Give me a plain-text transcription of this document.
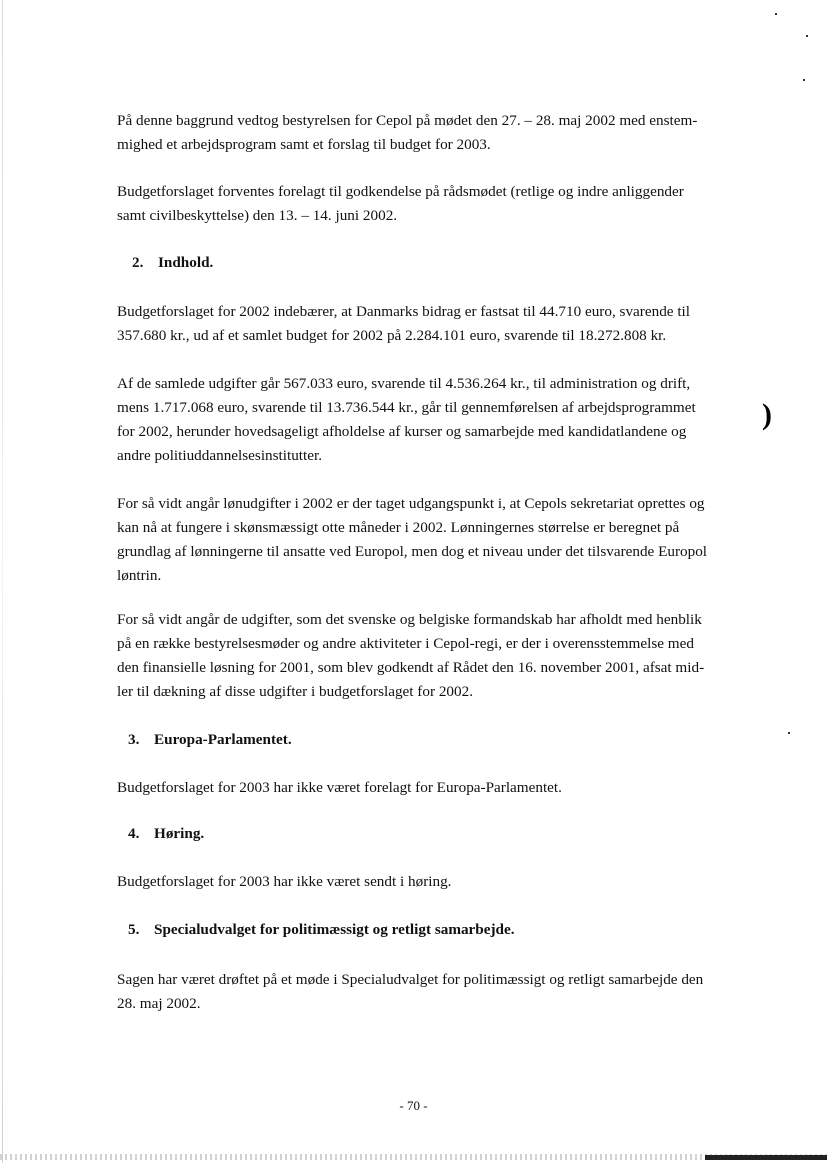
På denne baggrund vedtog bestyrelsen for Cepol på mødet den 27. – 28. maj 2002 med enstem-
mighed et arbejdsprogram samt et forslag til budget for 2003.

Budgetforslaget forventes forelagt til godkendelse på rådsmødet (retlige og indre anliggender
samt civilbeskyttelse) den 13. – 14. juni 2002.

2. Indhold.

Budgetforslaget for 2002 indebærer, at Danmarks bidrag er fastsat til 44.710 euro, svarende til
357.680 kr., ud af et samlet budget for 2002 på 2.284.101 euro, svarende til 18.272.808 kr.

Af de samlede udgifter går 567.033 euro, svarende til 4.536.264 kr., til administration og drift,
mens 1.717.068 euro, svarende til 13.736.544 kr., går til gennemførelsen af arbejdsprogrammet
for 2002, herunder hovedsageligt afholdelse af kurser og samarbejde med kandidatlandene og
andre politiuddannelsesinstitutter.

For så vidt angår lønudgifter i 2002 er der taget udgangspunkt i, at Cepols sekretariat oprettes og
kan nå at fungere i skønsmæssigt otte måneder i 2002. Lønningernes størrelse er beregnet på
grundlag af lønningerne til ansatte ved Europol, men dog et niveau under det tilsvarende Europol
løntrin.

For så vidt angår de udgifter, som det svenske og belgiske formandskab har afholdt med henblik
på en række bestyrelsesmøder og andre aktiviteter i Cepol-regi, er der i overensstemmelse med
den finansielle løsning for 2001, som blev godkendt af Rådet den 16. november 2001, afsat mid-
ler til dækning af disse udgifter i budgetforslaget for 2002.

3. Europa-Parlamentet.

Budgetforslaget for 2003 har ikke været forelagt for Europa-Parlamentet.

4. Høring.

Budgetforslaget for 2003 har ikke været sendt i høring.

5. Specialudvalget for politimæssigt og retligt samarbejde.

Sagen har været drøftet på et møde i Specialudvalget for politimæssigt og retligt samarbejde den
28. maj 2002.

- 70 -
)
